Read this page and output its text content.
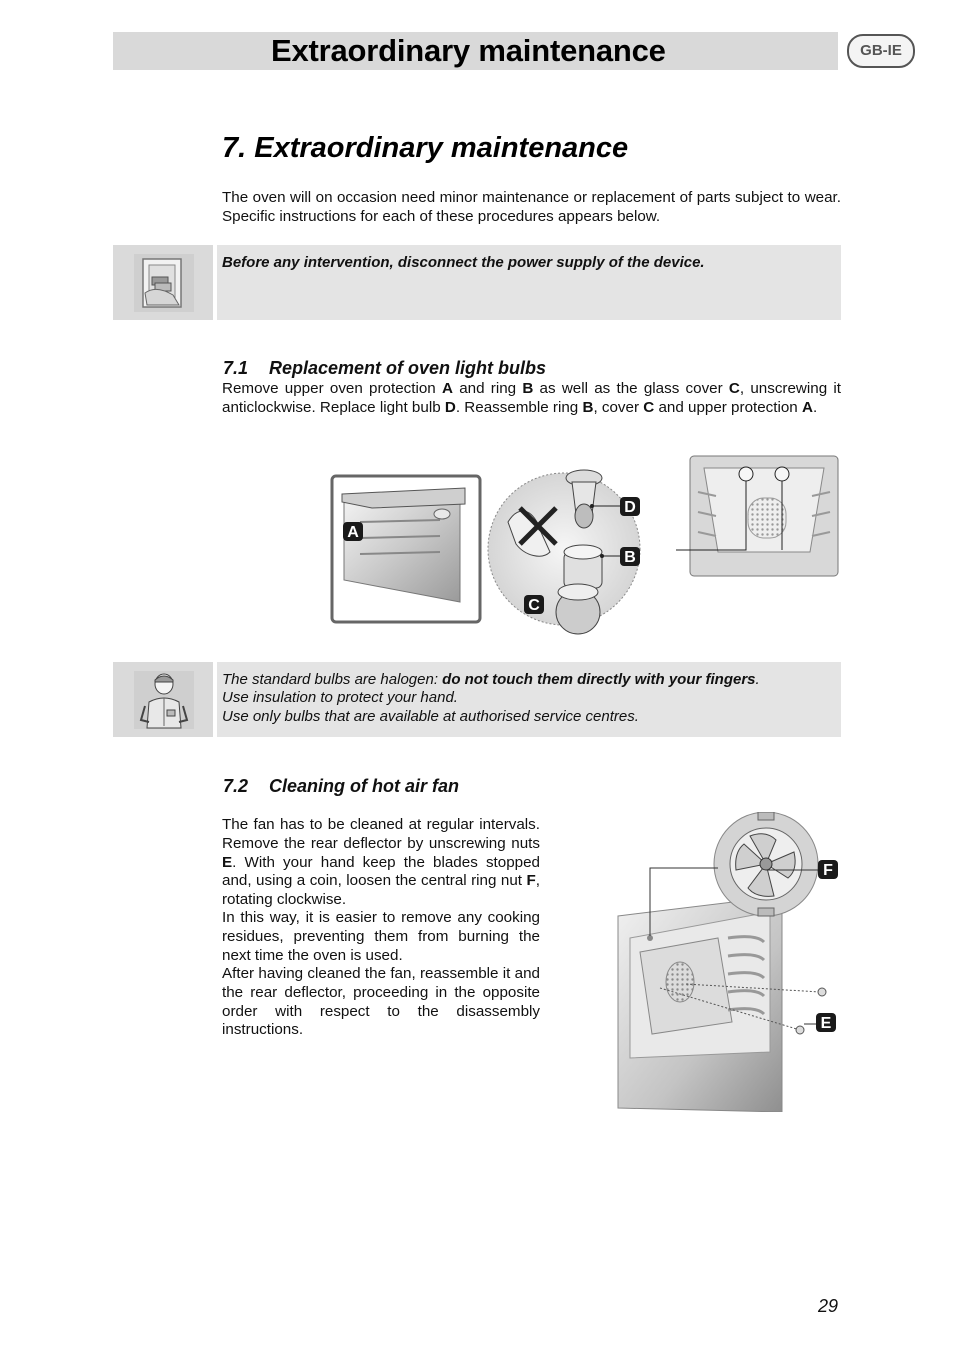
Extraordinary maintenance	GB-IE
7. Extraordinary maintenance
The oven will on occasion need minor maintenance or replacement of parts subject to wear. Specific instructions for each of these procedures appears below.
Before any intervention, disconnect the power supply of the device.
7.1 Replacement of oven light bulbs
Remove upper oven protection A and ring B as well as the glass cover C, unscrewing it anticlockwise. Replace light bulb D. Reassemble ring B, cover C and upper protection A.
A
B
C
D
The standard bulbs are halogen: do not touch them directly with your fingers.
Use insulation to protect your hand.
Use only bulbs that are available at authorised service centres.
7.2 Cleaning of hot air fan
The fan has to be cleaned at regular intervals. Remove the rear deflector by unscrewing nuts E. With your hand keep the blades stopped and, using a coin, loosen the central ring nut F, rotating clockwise.
In this way, it is easier to remove any cooking residues, preventing them from burning the next time the oven is used.
After having cleaned the fan, reassemble it and the rear deflector, proceeding in the opposite order with respect to the disassembly instructions.
F
E
29
